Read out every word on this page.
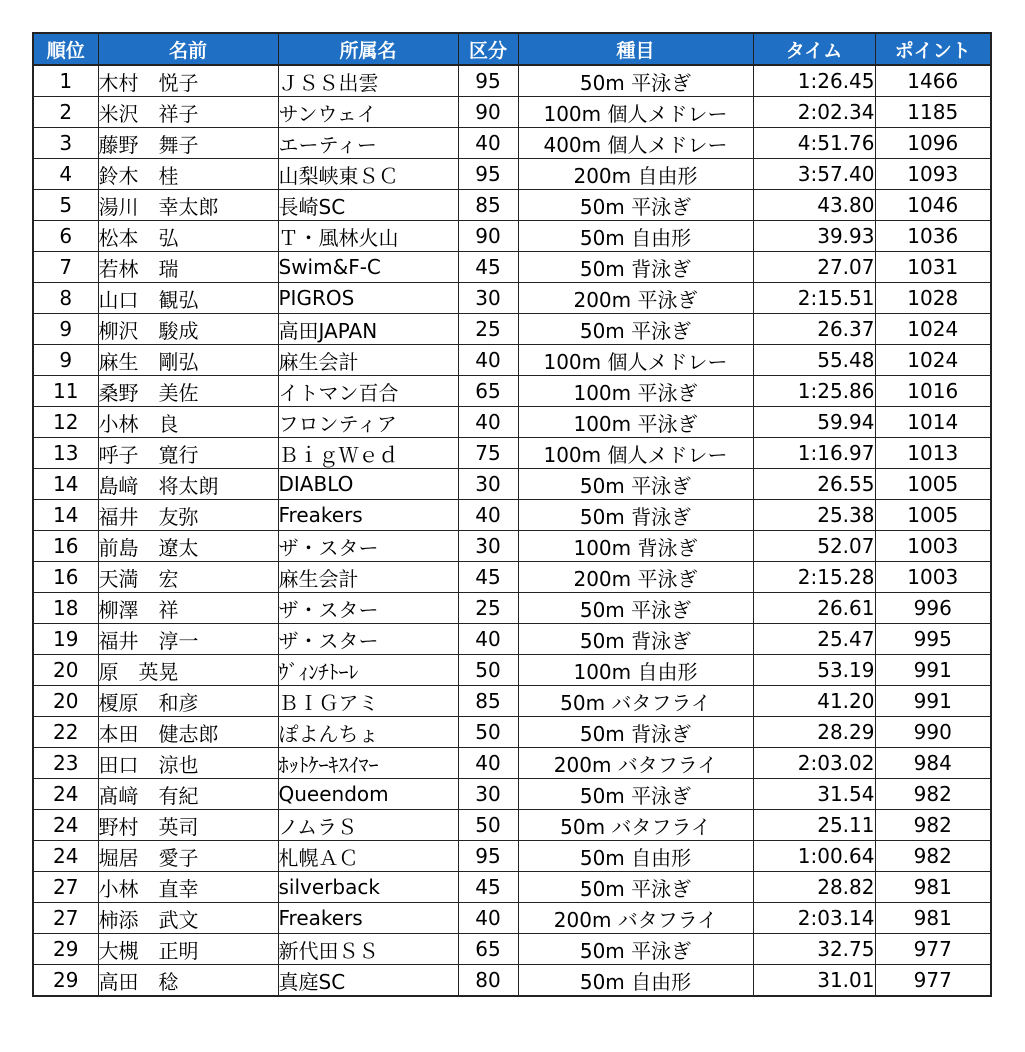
順位	名前	所属名	区分	種目	タイム	ポイント
1	木村　悦子	ＪＳＳ出雲	95	50m 平泳ぎ	1:26.45	1466
2	米沢　祥子	サンウェイ	90	100m 個人メドレー	2:02.34	1185
3	藤野　舞子	エーティー	40	400m 個人メドレー	4:51.76	1096
4	鈴木　桂	山梨峡東ＳＣ	95	200m 自由形	3:57.40	1093
5	湯川　幸太郎	長崎SC	85	50m 平泳ぎ	43.80	1046
6	松本　弘	Ｔ・風林火山	90	50m 自由形	39.93	1036
7	若林　瑞	Swim&F-C	45	50m 背泳ぎ	27.07	1031
8	山口　観弘	PIGROS	30	200m 平泳ぎ	2:15.51	1028
9	柳沢　駿成	高田JAPAN	25	50m 平泳ぎ	26.37	1024
9	麻生　剛弘	麻生会計	40	100m 個人メドレー	55.48	1024
11	桑野　美佐	イトマン百合	65	100m 平泳ぎ	1:25.86	1016
12	小林　良	フロンティア	40	100m 平泳ぎ	59.94	1014
13	呼子　寛行	ＢｉｇＷｅｄ	75	100m 個人メドレー	1:16.97	1013
14	島﨑　将太朗	DIABLO	30	50m 平泳ぎ	26.55	1005
14	福井　友弥	Freakers	40	50m 背泳ぎ	25.38	1005
16	前島　遼太	ザ・スター	30	100m 背泳ぎ	52.07	1003
16	天満　宏	麻生会計	45	200m 平泳ぎ	2:15.28	1003
18	柳澤　祥	ザ・スター	25	50m 平泳ぎ	26.61	996
19	福井　淳一	ザ・スター	40	50m 背泳ぎ	25.47	995
20	原　英晃	ｳﾞｨﾝﾁﾄｰﾚ	50	100m 自由形	53.19	991
20	榎原　和彦	ＢＩＧアミ	85	50m バタフライ	41.20	991
22	本田　健志郎	ぽよんちょ	50	50m 背泳ぎ	28.29	990
23	田口　涼也	ﾎｯﾄｹｰｷｽｲﾏｰ	40	200m バタフライ	2:03.02	984
24	髙﨑　有紀	Queendom	30	50m 平泳ぎ	31.54	982
24	野村　英司	ノムラＳ	50	50m バタフライ	25.11	982
24	堀居　愛子	札幌ＡＣ	95	50m 自由形	1:00.64	982
27	小林　直幸	silverback	45	50m 平泳ぎ	28.82	981
27	柿添　武文	Freakers	40	200m バタフライ	2:03.14	981
29	大槻　正明	新代田ＳＳ	65	50m 平泳ぎ	32.75	977
29	高田　稔	真庭SC	80	50m 自由形	31.01	977
